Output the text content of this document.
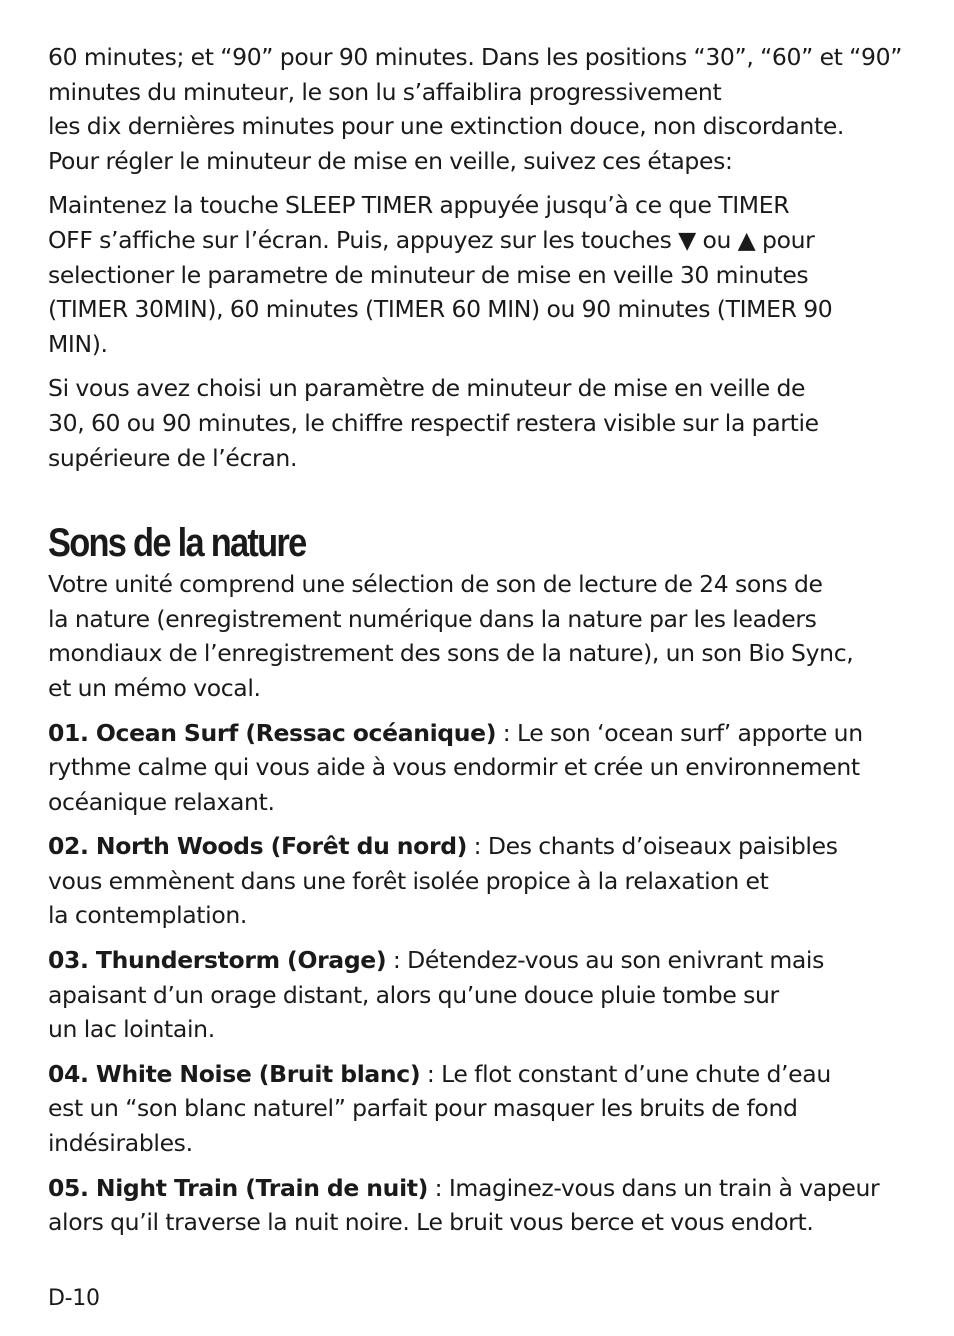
60 minutes; et “90” pour 90 minutes. Dans les positions “30”, “60” et “90”
minutes du minuteur, le son lu s’affaiblira progressivement
les dix dernières minutes pour une extinction douce, non discordante.
Pour régler le minuteur de mise en veille, suivez ces étapes:

Maintenez la touche SLEEP TIMER appuyée jusqu’à ce que TIMER
OFF s’affiche sur l’écran. Puis, appuyez sur les touches ▼ ou ▲ pour
selectioner le parametre de minuteur de mise en veille 30 minutes
(TIMER 30MIN), 60 minutes (TIMER 60 MIN) ou 90 minutes (TIMER 90
MIN).

Si vous avez choisi un paramètre de minuteur de mise en veille de
30, 60 ou 90 minutes, le chiffre respectif restera visible sur la partie
supérieure de l’écran.

Sons de la nature

Votre unité comprend une sélection de son de lecture de 24 sons de
la nature (enregistrement numérique dans la nature par les leaders
mondiaux de l’enregistrement des sons de la nature), un son Bio Sync,
et un mémo vocal.

01. Ocean Surf (Ressac océanique) : Le son ‘ocean surf’ apporte un
rythme calme qui vous aide à vous endormir et crée un environnement
océanique relaxant.

02. North Woods (Forêt du nord) : Des chants d’oiseaux paisibles
vous emmènent dans une forêt isolée propice à la relaxation et
la contemplation.

03. Thunderstorm (Orage) : Détendez-vous au son enivrant mais
apaisant d’un orage distant, alors qu’une douce pluie tombe sur
un lac lointain.

04. White Noise (Bruit blanc) : Le flot constant d’une chute d’eau
est un “son blanc naturel” parfait pour masquer les bruits de fond
indésirables.

05. Night Train (Train de nuit) : Imaginez-vous dans un train à vapeur
alors qu’il traverse la nuit noire. Le bruit vous berce et vous endort.

D-10
